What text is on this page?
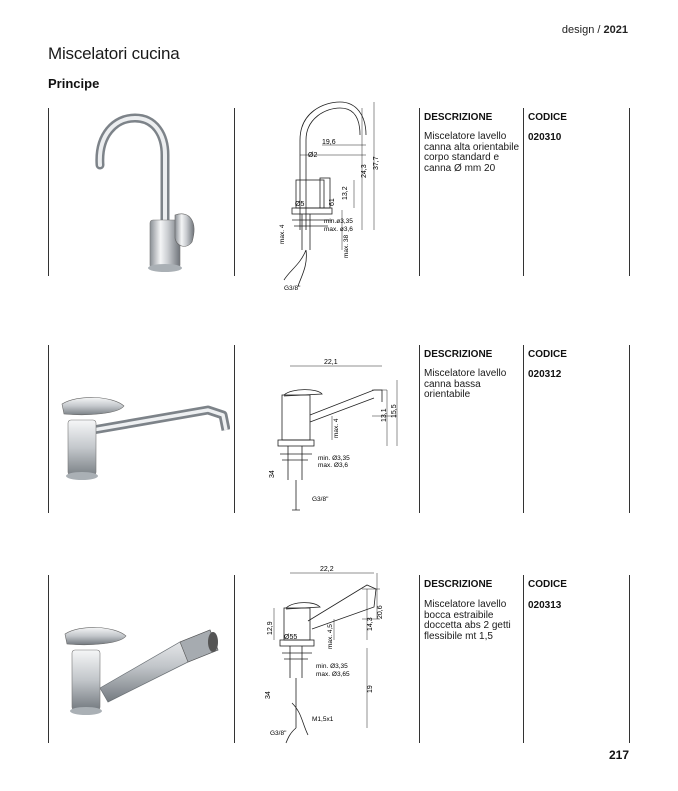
design / 2021
Miscelatori cucina
Principe
19,6
Ø2
24,3
37,7
13,2
Ø5	61
min.ø3,35
max. ø3,6
max. 4
max. 38
G3/8"
DESCRIZIONE
Miscelatore lavello canna alta orientabile corpo standard e canna Ø mm 20
CODICE
020310
22,1
13,1 15,5
max. 4
min. Ø3,35
max. Ø3,6
34
G3/8"
DESCRIZIONE
Miscelatore lavello canna bassa orientabile
CODICE
020312
22,2
12,9
20,6
14,3
max. 4,5
Ø55
min. Ø3,35
max. Ø3,65
34
19
M1,5x1
G3/8"
DESCRIZIONE
Miscelatore lavello bocca estraibile doccetta abs 2 getti flessibile mt 1,5
CODICE
020313
217
